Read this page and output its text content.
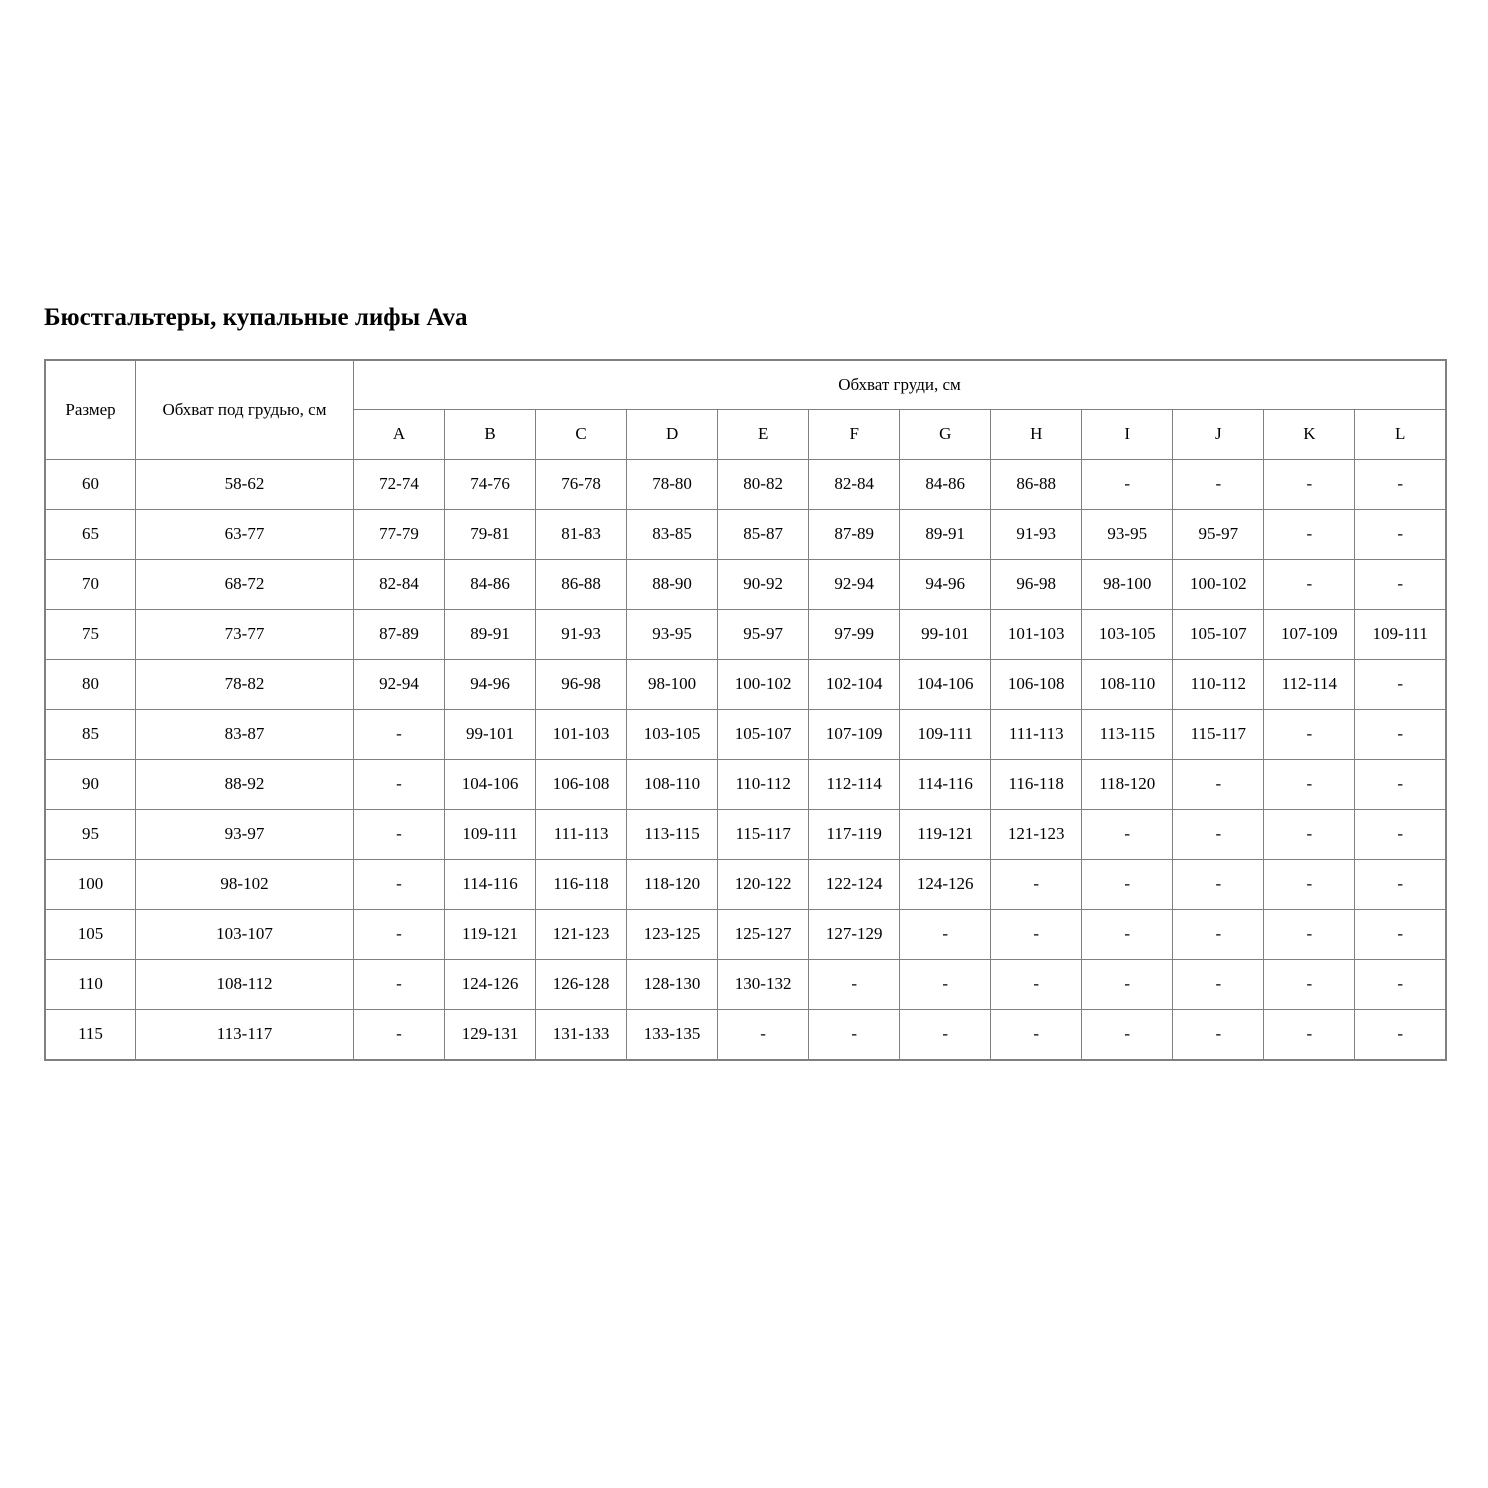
Бюстгальтеры, купальные лифы Ava
Размер	Обхват под грудью, см	Обхват груди, см											
		A	B	C	D	E	F	G	H	I	J	K	L
60	58-62	72-74	74-76	76-78	78-80	80-82	82-84	84-86	86-88	-	-	-	-
65	63-77	77-79	79-81	81-83	83-85	85-87	87-89	89-91	91-93	93-95	95-97	-	-
70	68-72	82-84	84-86	86-88	88-90	90-92	92-94	94-96	96-98	98-100	100-102	-	-
75	73-77	87-89	89-91	91-93	93-95	95-97	97-99	99-101	101-103	103-105	105-107	107-109	109-111
80	78-82	92-94	94-96	96-98	98-100	100-102	102-104	104-106	106-108	108-110	110-112	112-114	-
85	83-87	-	99-101	101-103	103-105	105-107	107-109	109-111	111-113	113-115	115-117	-	-
90	88-92	-	104-106	106-108	108-110	110-112	112-114	114-116	116-118	118-120	-	-	-
95	93-97	-	109-111	111-113	113-115	115-117	117-119	119-121	121-123	-	-	-	-
100	98-102	-	114-116	116-118	118-120	120-122	122-124	124-126	-	-	-	-	-
105	103-107	-	119-121	121-123	123-125	125-127	127-129	-	-	-	-	-	-
110	108-112	-	124-126	126-128	128-130	130-132	-	-	-	-	-	-	-
115	113-117	-	129-131	131-133	133-135	-	-	-	-	-	-	-	-
